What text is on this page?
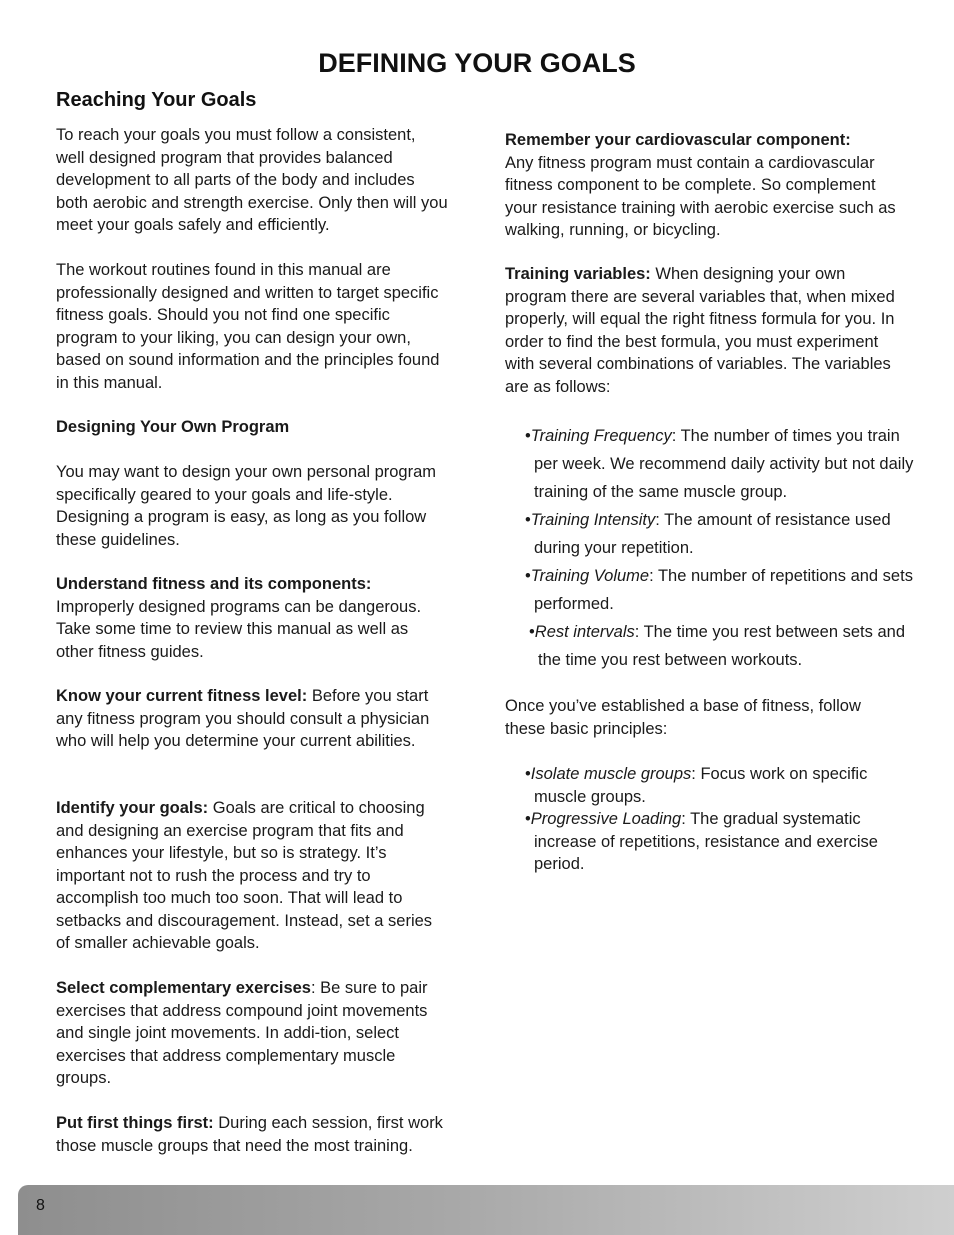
DEFINING YOUR GOALS
Reaching Your Goals

To reach your goals you must follow a consistent, well designed program that provides balanced development to all parts of the body and includes both aerobic and strength exercise. Only then will you meet your goals safely and efficiently.

The workout routines found in this manual are professionally designed and written to target specific fitness goals. Should you not find one specific program to your liking, you can design your own, based on sound information and the principles found in this manual.

Designing Your Own Program

You may want to design your own personal program specifically geared to your goals and life-style. Designing a program is easy, as long as you follow these guidelines.

Understand fitness and its components: Improperly designed programs can be dangerous. Take some time to review this manual as well as other fitness guides.

Know your current fitness level: Before you start any fitness program you should consult a physician who will help you determine your current abilities.

Identify your goals: Goals are critical to choosing and designing an exercise program that fits and enhances your lifestyle, but so is strategy. It’s important not to rush the process and try to accomplish too much too soon. That will lead to setbacks and discouragement. Instead, set a series of smaller achievable goals.

Select complementary exercises: Be sure to pair exercises that address compound joint movements and single joint movements. In addi-tion, select exercises that address complementary muscle groups.

Put first things first: During each session, first work those muscle groups that need the most training.

Remember your cardiovascular component:
Any fitness program must contain a cardiovascular fitness component to be complete. So complement your resistance training with aerobic exercise such as walking, running, or bicycling.

Training variables: When designing your own program there are several variables that, when mixed properly, will equal the right fitness formula for you. In order to find the best formula, you must experiment with several combinations of variables. The variables are as follows:

•Training Frequency: The number of times you train per week. We recommend daily activity but not daily training of the same muscle group.

•Training Intensity: The amount of resistance used during your repetition.

•Training Volume: The number of repetitions and sets performed.

•Rest intervals: The time you rest between sets and the time you rest between workouts.

Once you’ve established a base of fitness, follow these basic principles:

•Isolate muscle groups: Focus work on specific muscle groups.

•Progressive Loading: The gradual systematic increase of repetitions, resistance and exercise period.

8
